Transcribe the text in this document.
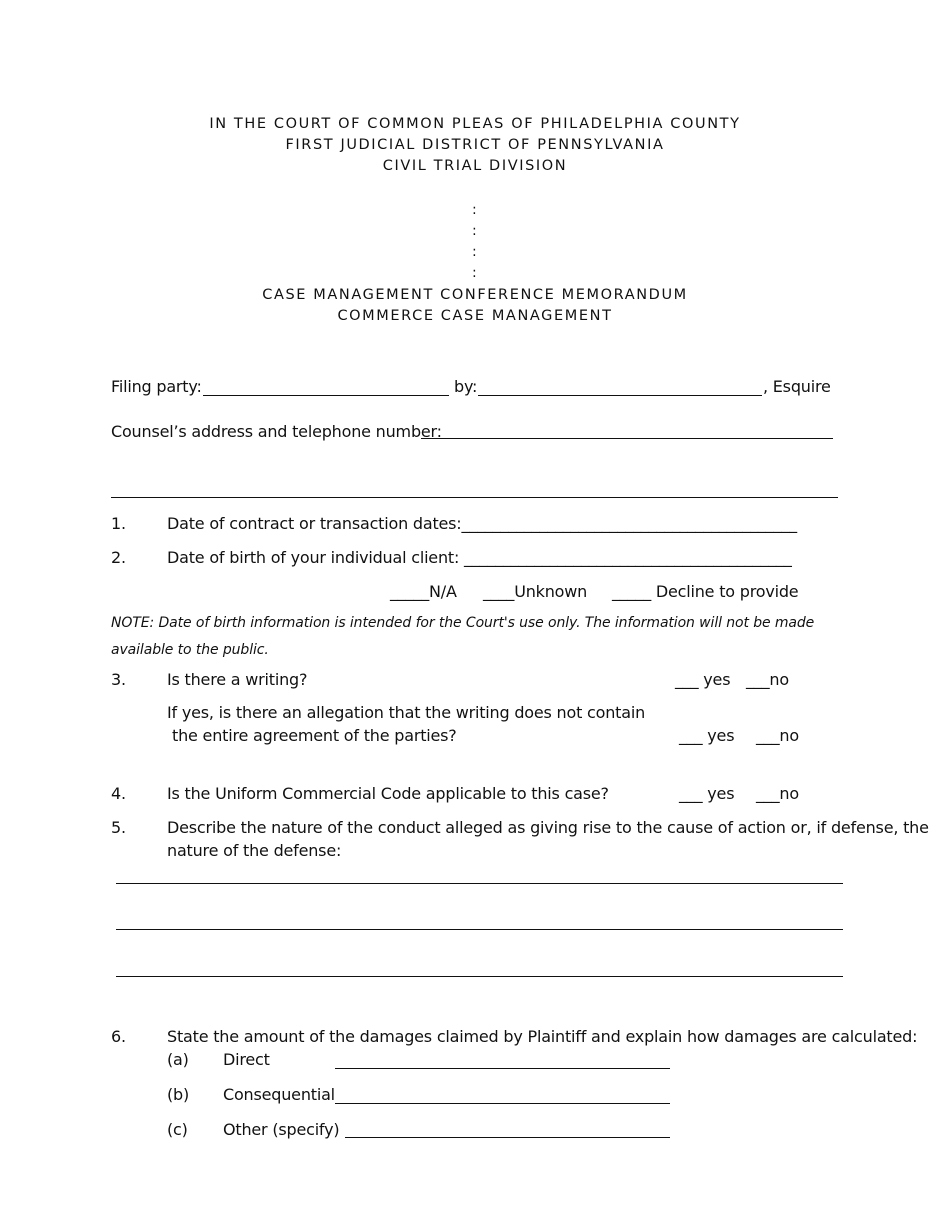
IN THE COURT OF COMMON PLEAS OF PHILADELPHIA COUNTY
FIRST JUDICIAL DISTRICT OF PENNSYLVANIA
CIVIL TRIAL DIVISION
:
:
:
:
CASE MANAGEMENT CONFERENCE MEMORANDUM
COMMERCE CASE MANAGEMENT
Filing party:	by:	, Esquire
Counsel’s address and telephone number:
1.	Date of contract or transaction dates:___________________________________________
2.	Date of birth of your individual client: __________________________________________
_____N/A ____Unknown _____ Decline to provide
NOTE: Date of birth information is intended for the Court's use only. The information will not be made
available to the public.
3.	Is there a writing?	___ yes ___no
If yes, is there an allegation that the writing does not contain
the entire agreement of the parties?	___ yes ___no
4.	Is the Uniform Commercial Code applicable to this case?	___ yes ___no
5.	Describe the nature of the conduct alleged as giving rise to the cause of action or, if defense, the
nature of the defense:
6.	State the amount of the damages claimed by Plaintiff and explain how damages are calculated:
(a) Direct
(b) Consequential
(c) Other (specify)
